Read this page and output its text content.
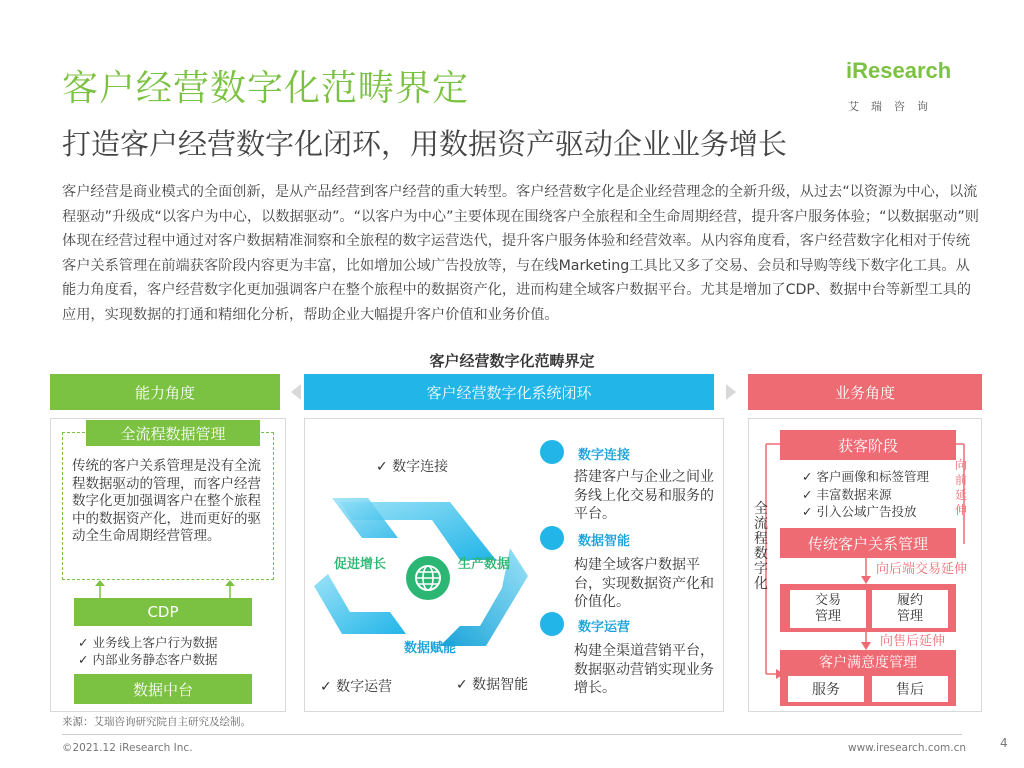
客户经营数字化范畴界定
打造客户经营数字化闭环，用数据资产驱动企业业务增长
iResearch
艾瑞咨询
客户经营是商业模式的全面创新，是从产品经营到客户经营的重大转型。客户经营数字化是企业经营理念的全新升级，从过去“以资源为中心，以流程驱动”升级成“以客户为中心，以数据驱动”。“以客户为中心”主要体现在围绕客户全旅程和全生命周期经营，提升客户服务体验；“以数据驱动”则体现在经营过程中通过对客户数据精准洞察和全旅程的数字运营迭代，提升客户服务体验和经营效率。从内容角度看，客户经营数字化相对于传统客户关系管理在前端获客阶段内容更为丰富，比如增加公域广告投放等，与在线Marketing工具比又多了交易、会员和导购等线下数字化工具。从能力角度看，客户经营数字化更加强调客户在整个旅程中的数据资产化，进而构建全域客户数据平台。尤其是增加了CDP、数据中台等新型工具的应用，实现数据的打通和精细化分析，帮助企业大幅提升客户价值和业务价值。
客户经营数字化范畴界定
能力角度	客户经营数字化系统闭环	业务角度
全流程数据管理
传统的客户关系管理是没有全流程数据驱动的管理，而客户经营数字化更加强调客户在整个旅程中的数据资产化，进而更好的驱动全生命周期经营管理。
CDP
✓ 业务线上客户行为数据
✓ 内部业务静态客户数据
数据中台
✓ 数字连接
✓ 数字运营	✓ 数据智能
促进增长	生产数据
数据赋能
数字连接
搭建客户与企业之间业务线上化交易和服务的平台。
数据智能
构建全域客户数据平台，实现数据资产化和价值化。
数字运营
构建全渠道营销平台，数据驱动营销实现业务增长。
获客阶段
✓ 客户画像和标签管理
✓ 丰富数据来源
✓ 引入公域广告投放
传统客户关系管理
向后端交易延伸
交易
管理
履约
管理
向售后延伸
客户满意度管理
服务	售后
全流程数字化
向前延伸
来源：艾瑞咨询研究院自主研究及绘制。
©2021.12 iResearch Inc.	www.iresearch.com.cn	4
